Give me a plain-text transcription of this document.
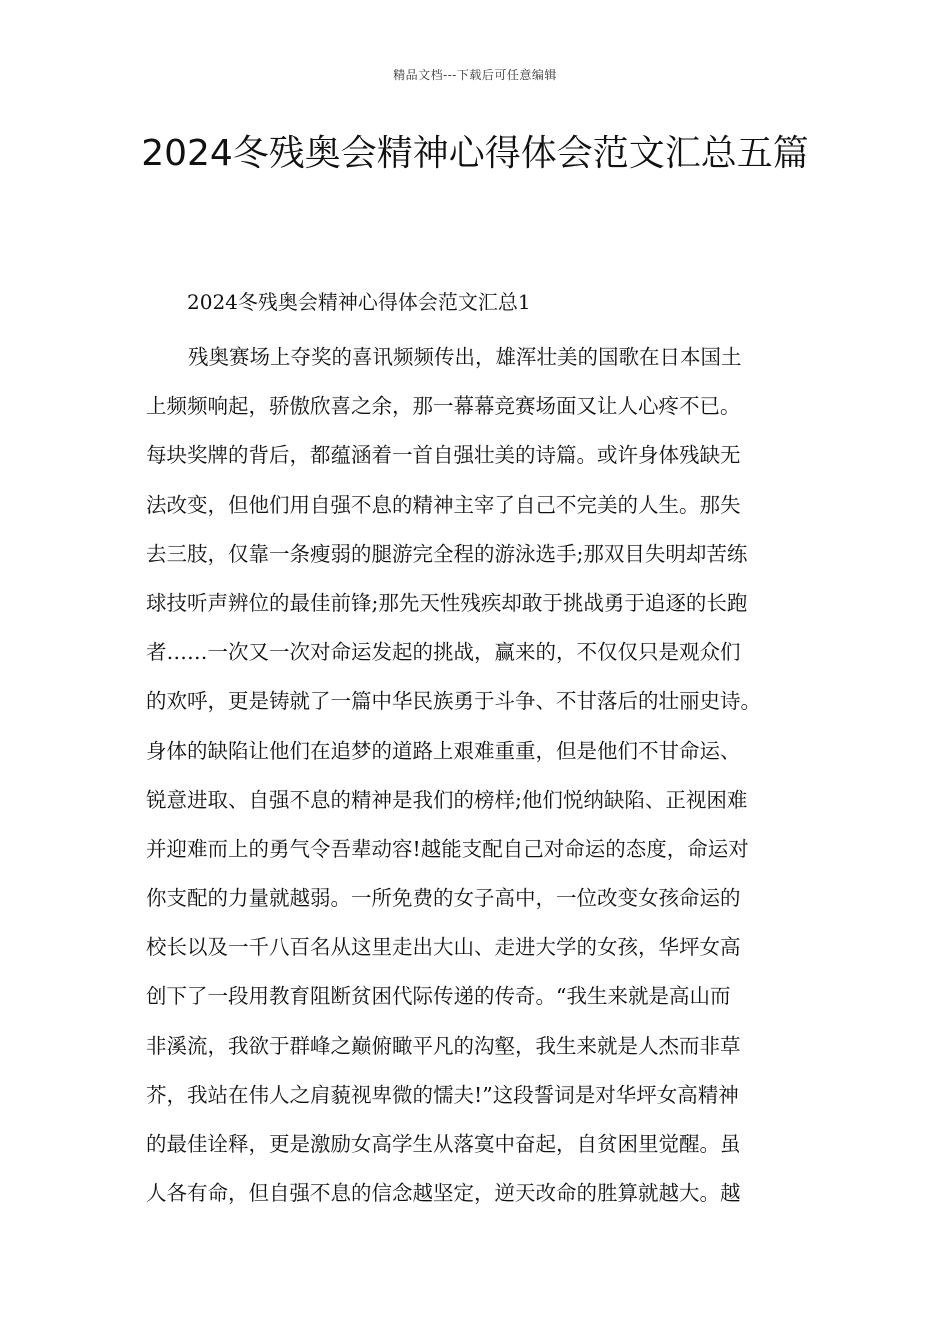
精品文档---下载后可任意编辑
2024冬残奥会精神心得体会范文汇总五篇
2024冬残奥会精神心得体会范文汇总1
残奥赛场上夺奖的喜讯频频传出，雄浑壮美的国歌在日本国土
上频频响起，骄傲欣喜之余，那一幕幕竞赛场面又让人心疼不已。
每块奖牌的背后，都蕴涵着一首自强壮美的诗篇。或许身体残缺无
法改变，但他们用自强不息的精神主宰了自己不完美的人生。那失
去三肢，仅靠一条瘦弱的腿游完全程的游泳选手;那双目失明却苦练
球技听声辨位的最佳前锋;那先天性残疾却敢于挑战勇于追逐的长跑
者……一次又一次对命运发起的挑战，赢来的，不仅仅只是观众们
的欢呼，更是铸就了一篇中华民族勇于斗争、不甘落后的壮丽史诗。
身体的缺陷让他们在追梦的道路上艰难重重，但是他们不甘命运、
锐意进取、自强不息的精神是我们的榜样;他们悦纳缺陷、正视困难
并迎难而上的勇气令吾辈动容!越能支配自己对命运的态度，命运对
你支配的力量就越弱。一所免费的女子高中，一位改变女孩命运的
校长以及一千八百名从这里走出大山、走进大学的女孩，华坪女高
创下了一段用教育阻断贫困代际传递的传奇。“我生来就是高山而
非溪流，我欲于群峰之巅俯瞰平凡的沟壑，我生来就是人杰而非草
芥，我站在伟人之肩藐视卑微的懦夫!”这段誓词是对华坪女高精神
的最佳诠释，更是激励女高学生从落寞中奋起，自贫困里觉醒。虽
人各有命，但自强不息的信念越坚定，逆天改命的胜算就越大。越
